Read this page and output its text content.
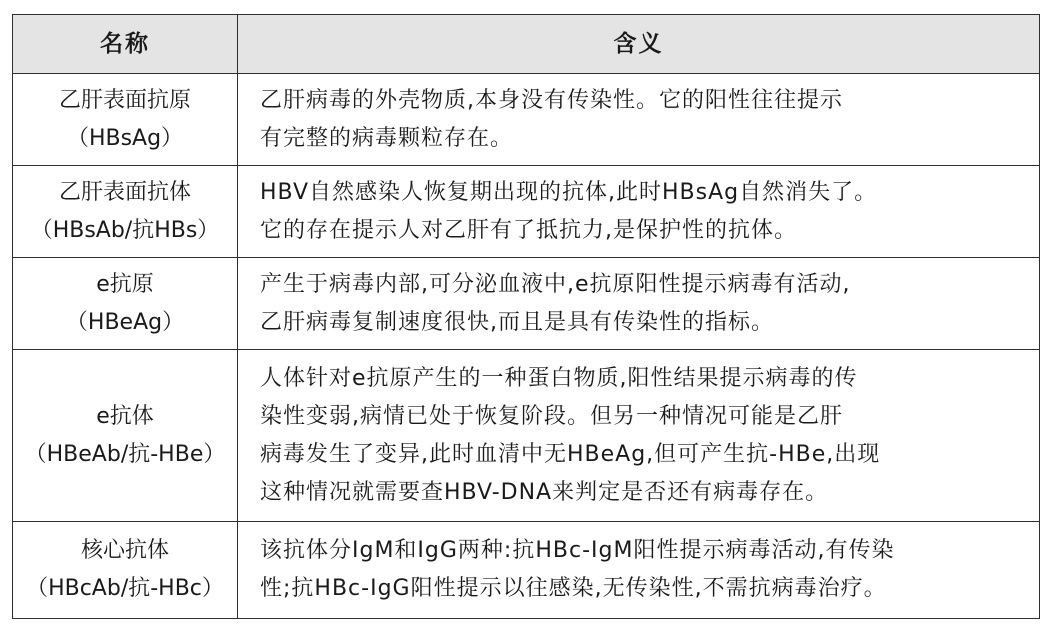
名称	含义
乙肝表面抗原
（HBsAg）
乙肝病毒的外壳物质,本身没有传染性。它的阳性往往提示
有完整的病毒颗粒存在。
乙肝表面抗体
（HBsAb/抗HBs）
HBV自然感染人恢复期出现的抗体,此时HBsAg自然消失了。
它的存在提示人对乙肝有了抵抗力,是保护性的抗体。
e抗原
（HBeAg）
产生于病毒内部,可分泌血液中,e抗原阳性提示病毒有活动,
乙肝病毒复制速度很快,而且是具有传染性的指标。
e抗体
（HBeAb/抗-HBe）
人体针对e抗原产生的一种蛋白物质,阳性结果提示病毒的传
染性变弱,病情已处于恢复阶段。但另一种情况可能是乙肝
病毒发生了变异,此时血清中无HBeAg,但可产生抗-HBe,出现
这种情况就需要查HBV-DNA来判定是否还有病毒存在。
核心抗体
（HBcAb/抗-HBc）
该抗体分IgM和IgG两种:抗HBc-IgM阳性提示病毒活动,有传染
性;抗HBc-IgG阳性提示以往感染,无传染性,不需抗病毒治疗。
